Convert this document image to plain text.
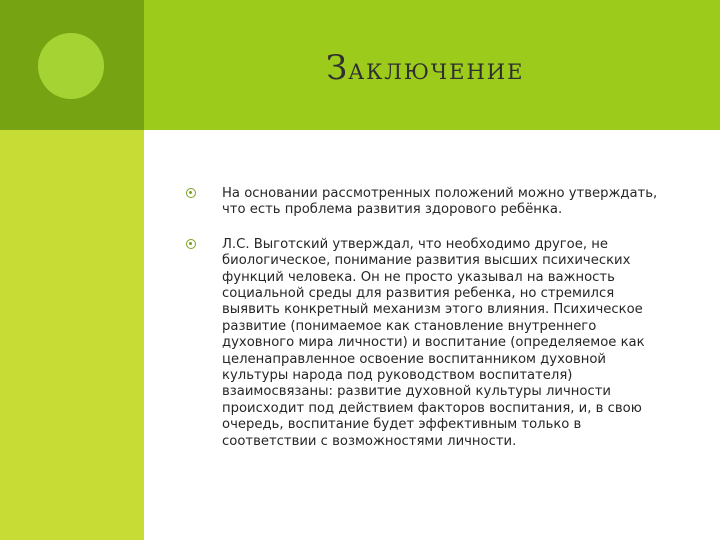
ЗАКЛЮЧЕНИЕ

На основании рассмотренных положений можно утверждать, что есть проблема развития здорового ребёнка.

Л.С. Выготский утверждал, что необходимо другое, не биологическое, понимание развития высших психических функций человека. Он не просто указывал на важность социальной среды для развития ребенка, но стремился выявить конкретный механизм этого влияния. Психическое развитие (понимаемое как становление внутреннего духовного мира личности) и воспитание (определяемое как целенаправленное освоение воспитанником духовной культуры народа под руководством воспитателя) взаимосвязаны: развитие духовной культуры личности происходит под действием факторов воспитания, и, в свою очередь, воспитание будет эффективным только в соответствии с возможностями личности.
